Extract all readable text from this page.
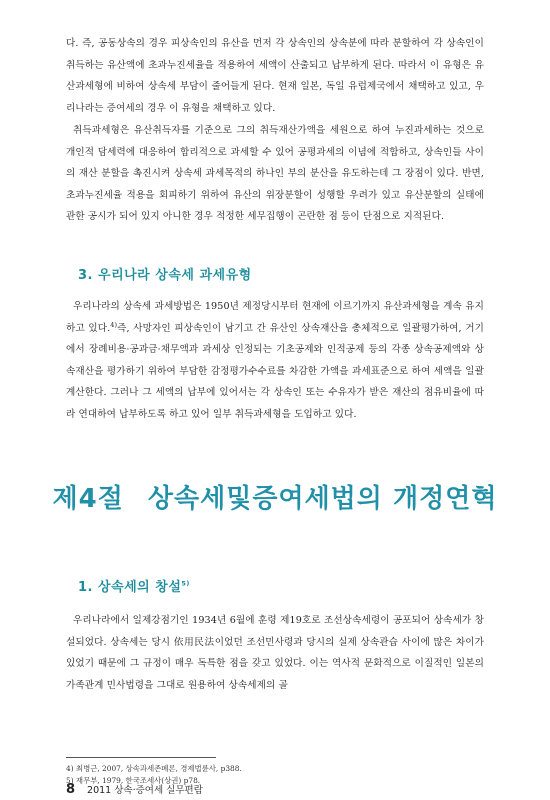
다. 즉, 공동상속의 경우 피상속인의 유산을 먼저 각 상속인의 상속분에 따라 분할하여 각 상속인이 취득하는 유산액에 초과누진세율을 적용하여 세액이 산출되고 납부하게 된다. 따라서 이 유형은 유산과세형에 비하여 상속세 부담이 줄어들게 된다. 현재 일본, 독일 유럽제국에서 채택하고 있고, 우리나라는 증여세의 경우 이 유형을 채택하고 있다.

취득과세형은 유산취득자를 기준으로 그의 취득재산가액을 세원으로 하여 누진과세하는 것으로 개인적 담세력에 대응하여 합리적으로 과세할 수 있어 공평과세의 이념에 적합하고, 상속인들 사이의 재산 분할을 촉진시켜 상속세 과세목적의 하나인 부의 분산을 유도하는데 그 장점이 있다. 반면, 초과누진세율 적용을 회피하기 위하여 유산의 위장분할이 성행할 우려가 있고 유산분할의 실태에 관한 공시가 되어 있지 아니한 경우 적정한 세무집행이 곤란한 점 등이 단점으로 지적된다.

3. 우리나라 상속세 과세유형

우리나라의 상속세 과세방법은 1950년 제정당시부터 현재에 이르기까지 유산과세형을 계속 유지하고 있다.$^{4)}$즉, 사망자인 피상속인이 남기고 간 유산인 상속재산을 총체적으로 일괄평가하여, 거기에서 장례비용·공과금·채무액과 과세상 인정되는 기초공제와 인적공제 등의 각종 상속공제액와 상속재산을 평가하기 위하여 부담한 감정평가수수료를 차감한 가액을 과세표준으로 하여 세액을 일괄 계산한다. 그러나 그 세액의 납부에 있어서는 각 상속인 또는 수유자가 받은 재산의 점유비율에 따라 연대하여 납부하도록 하고 있어 일부 취득과세형을 도입하고 있다.

제4절 상속세및증여세법의 개정연혁
1. 상속세의 창설$^{5)}$

우리나라에서 일제강점기인 1934년 6월에 훈령 제19호로 조선상속세령이 공포되어 상속세가 창설되었다. 상속세는 당시 依用民法이었던 조선민사령과 당시의 실제 상속관습 사이에 많은 차이가 있었기 때문에 그 규정이 매우 독특한 점을 갖고 있었다. 이는 역사적 문화적으로 이질적인 일본의 가족관계 민사법령을 그대로 원용하여 상속세제의 골

4) 최병근, 2007, 상속과세존폐론, 경제법륜사, p388.
5) 재무부, 1979, 한국조세사(상권) p78.
8 2011 상속·증여세 실무편람
